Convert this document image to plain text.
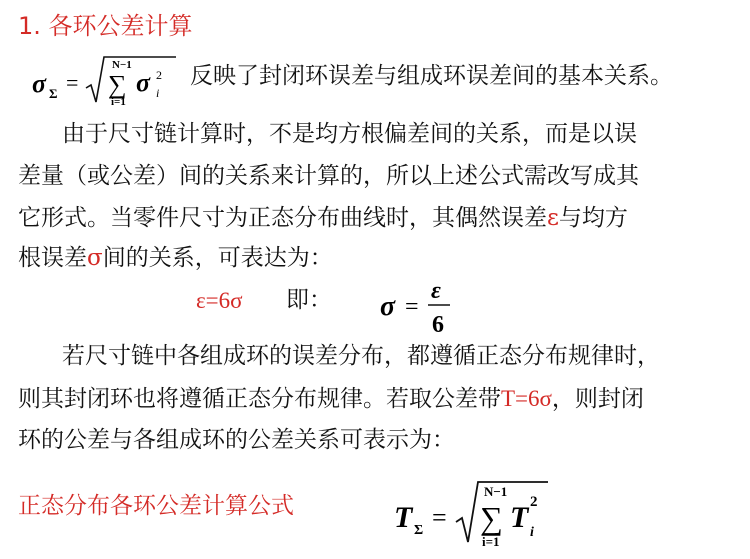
1. 各环公差计算
σ Σ =
N−1
∑
i=1
σ 2
i
反映了封闭环误差与组成环误差间的基本关系。
由于尺寸链计算时，不是均方根偏差间的关系，而是以误
差量（或公差）间的关系来计算的，所以上述公式需改写成其
它形式。当零件尺寸为正态分布曲线时，其偶然误差ε与均方
根误差σ间的关系，可表达为：
ε=6σ 即： σ =
ε
6
若尺寸链中各组成环的误差分布，都遵循正态分布规律时，
则其封闭环也将遵循正态分布规律。若取公差带T=6σ，则封闭
环的公差与各组成环的公差关系可表示为：
正态分布各环公差计算公式	T Σ =
N−1
∑
i=1
T 2
i
